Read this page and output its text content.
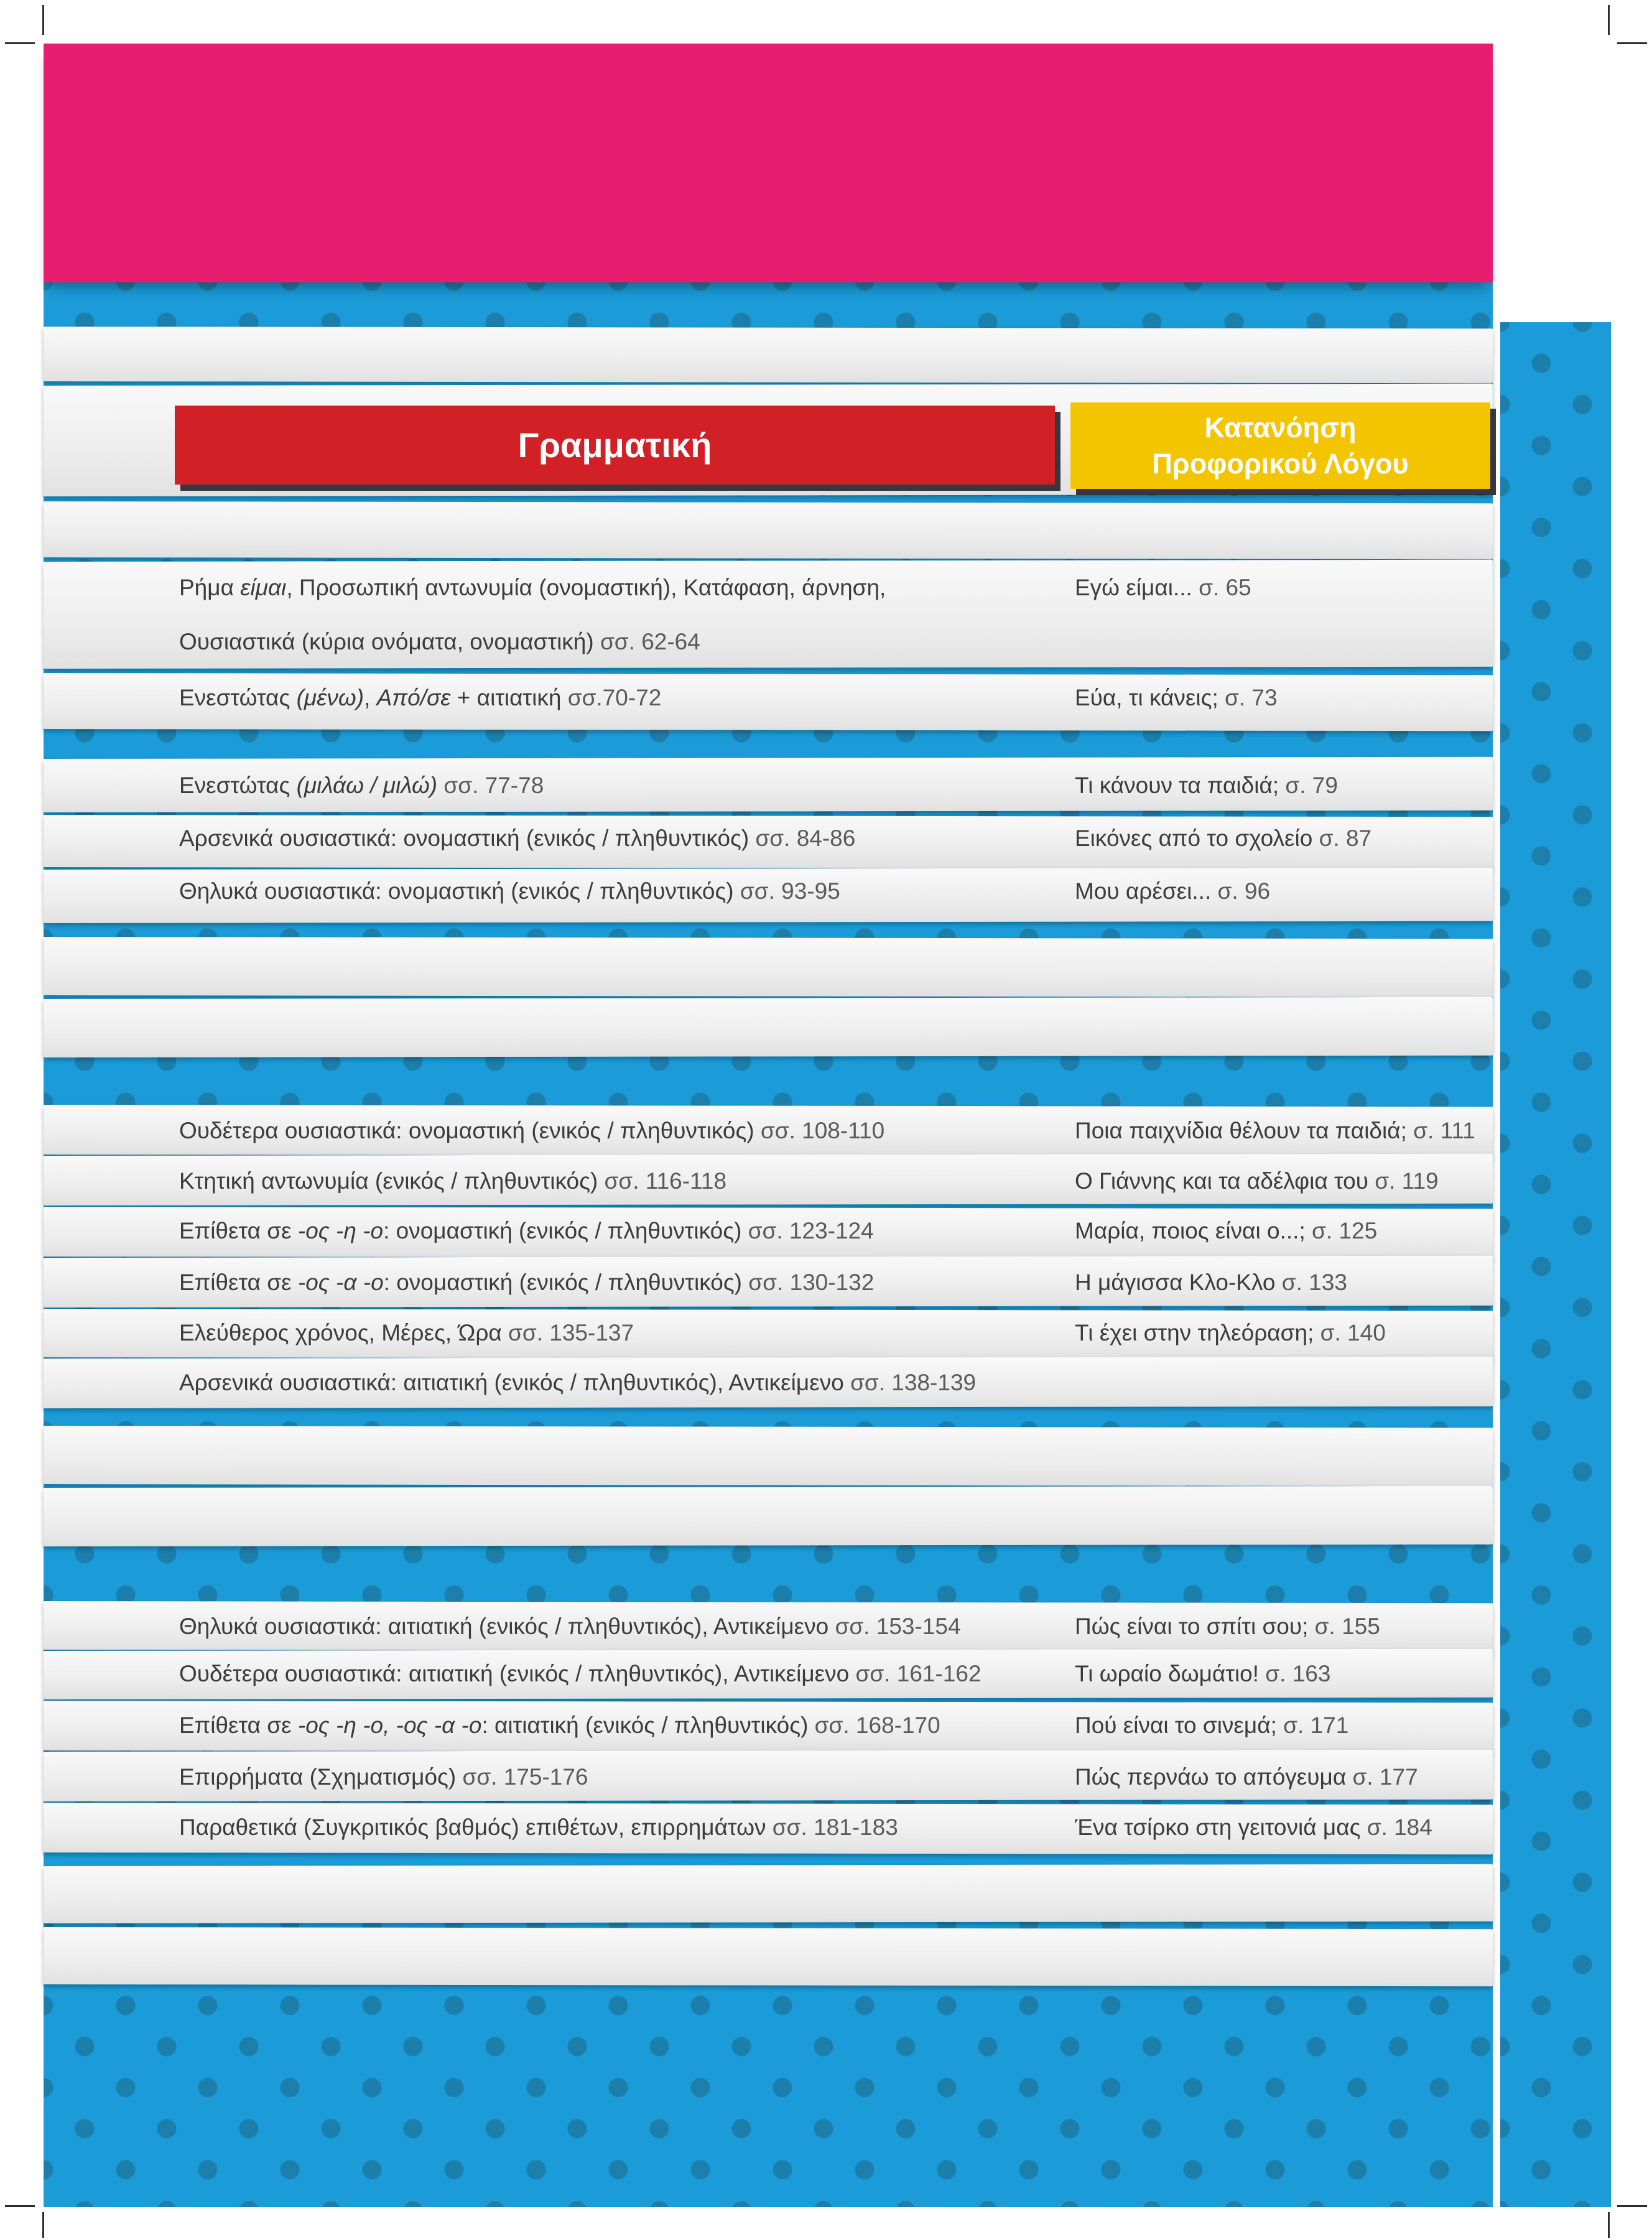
Γραμματική	Κατανόηση
Προφορικού Λόγου
Ρήμα είμαι, Προσωπική αντωνυμία (ονομαστική), Κατάφαση, άρνηση,	Εγώ είμαι... σ. 65
Ουσιαστικά (κύρια ονόματα, ονομαστική) σσ. 62-64
Ενεστώτας (μένω), Από/σε + αιτιατική σσ.70-72	Εύα, τι κάνεις; σ. 73
Ενεστώτας (μιλάω / μιλώ) σσ. 77-78	Τι κάνουν τα παιδιά; σ. 79
Αρσενικά ουσιαστικά: ονομαστική (ενικός / πληθυντικός) σσ. 84-86	Εικόνες από το σχολείο σ. 87
Θηλυκά ουσιαστικά: ονομαστική (ενικός / πληθυντικός) σσ. 93-95	Μου αρέσει... σ. 96
Ουδέτερα ουσιαστικά: ονομαστική (ενικός / πληθυντικός) σσ. 108-110	Ποια παιχνίδια θέλουν τα παιδιά; σ. 111
Κτητική αντωνυμία (ενικός / πληθυντικός) σσ. 116-118	Ο Γιάννης και τα αδέλφια του σ. 119
Επίθετα σε -ος -η -ο: ονομαστική (ενικός / πληθυντικός) σσ. 123-124	Μαρία, ποιος είναι ο...; σ. 125
Επίθετα σε -ος -α -ο: ονομαστική (ενικός / πληθυντικός) σσ. 130-132	Η μάγισσα Κλο-Κλο σ. 133
Ελεύθερος χρόνος, Μέρες, Ώρα σσ. 135-137	Τι έχει στην τηλεόραση; σ. 140
Αρσενικά ουσιαστικά: αιτιατική (ενικός / πληθυντικός), Αντικείμενο σσ. 138-139
Θηλυκά ουσιαστικά: αιτιατική (ενικός / πληθυντικός), Αντικείμενο σσ. 153-154	Πώς είναι το σπίτι σου; σ. 155
Ουδέτερα ουσιαστικά: αιτιατική (ενικός / πληθυντικός), Αντικείμενο σσ. 161-162	Τι ωραίο δωμάτιο! σ. 163
Επίθετα σε -ος -η -ο, -ος -α -ο: αιτιατική (ενικός / πληθυντικός) σσ. 168-170	Πού είναι το σινεμά; σ. 171
Επιρρήματα (Σχηματισμός) σσ. 175-176	Πώς περνάω το απόγευμα σ. 177
Παραθετικά (Συγκριτικός βαθμός) επιθέτων, επιρρημάτων σσ. 181-183	Ένα τσίρκο στη γειτονιά μας σ. 184
